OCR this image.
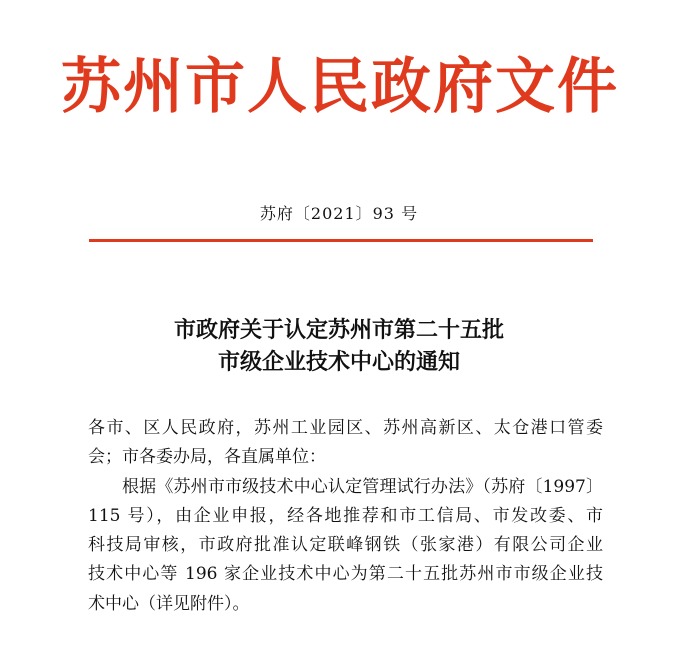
苏州市人民政府文件
苏府〔2021〕93 号
市政府关于认定苏州市第二十五批
市级企业技术中心的通知
各市、区人民政府，苏州工业园区、苏州高新区、太仓港口管委
会；市各委办局，各直属单位：
根据《苏州市市级技术中心认定管理试行办法》（苏府〔1997〕
115 号），由企业申报，经各地推荐和市工信局、市发改委、市
科技局审核，市政府批准认定联峰钢铁（张家港）有限公司企业
技术中心等 196 家企业技术中心为第二十五批苏州市市级企业技
术中心（详见附件）。
